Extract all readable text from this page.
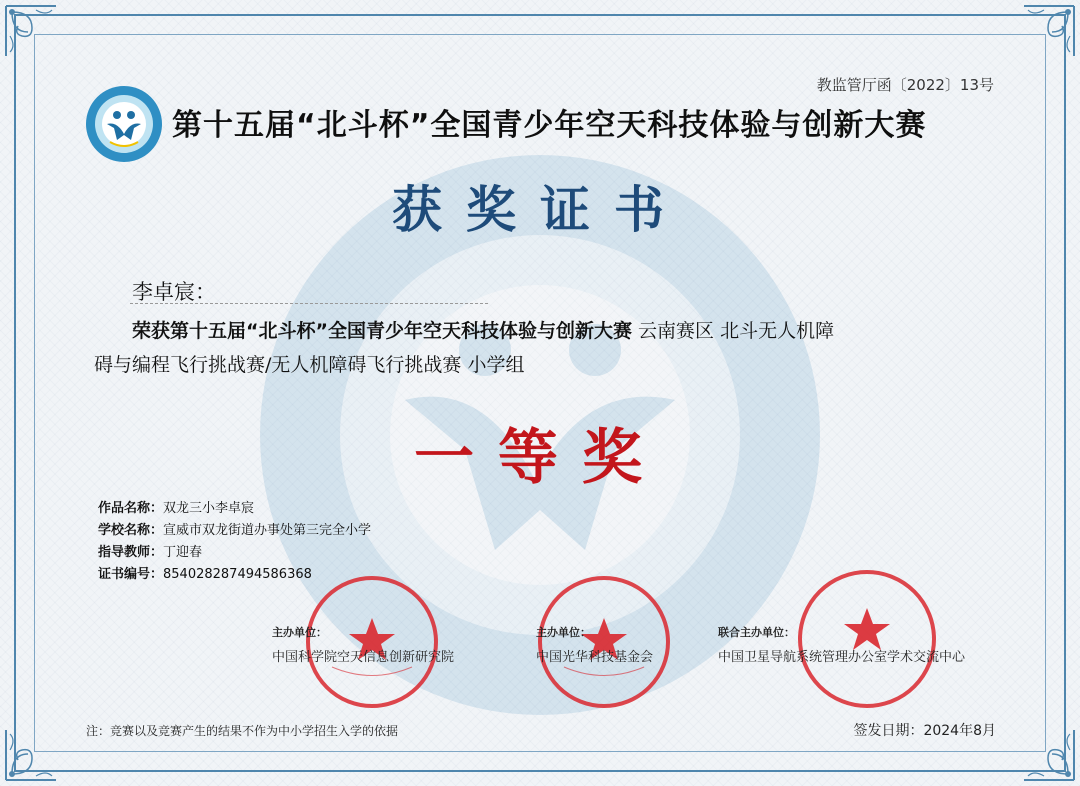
教监管厅函〔2022〕13号
第十五届“北斗杯”全国青少年空天科技体验与创新大赛
获奖证书
李卓宸：
荣获第十五届“北斗杯”全国青少年空天科技体验与创新大赛 云南赛区 北斗无人机障
碍与编程飞行挑战赛/无人机障碍飞行挑战赛 小学组
一等奖
作品名称：双龙三小李卓宸
学校名称：宣威市双龙街道办事处第三完全小学
指导教师：丁迎春
证书编号：854028287494586368
主办单位：
中国科学院空天信息创新研究院
主办单位：
中国光华科技基金会
联合主办单位：
中国卫星导航系统管理办公室学术交流中心
注：竞赛以及竞赛产生的结果不作为中小学招生入学的依据	签发日期：2024年8月
